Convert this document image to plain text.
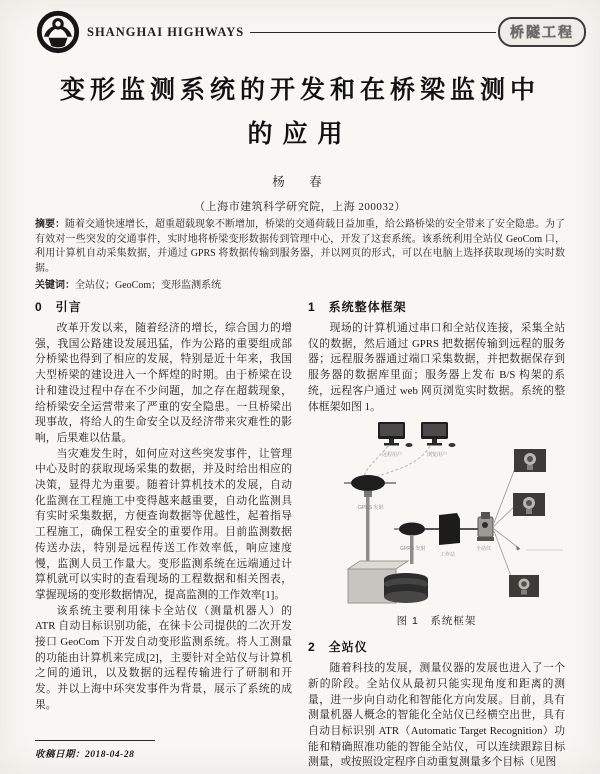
SHANGHAI HIGHWAYS	桥隧工程
变形监测系统的开发和在桥梁监测中
的应用
杨　春
（上海市建筑科学研究院，上海 200032）
摘要：随着交通快速增长，超重超载现象不断增加，桥梁的交通荷载日益加重，给公路桥梁的安全带来了安全隐患。为了有效对一些突发的交通事件，实时地将桥梁变形数据传到管理中心，开发了这套系统。该系统利用全站仪 GeoCom 口，利用计算机自动采集数据，并通过 GPRS 将数据传输到服务器，并以网页的形式，可以在电脑上选择获取现场的实时数据。
关键词：全站仪；GeoCom；变形监测系统
0　引言

改革开发以来，随着经济的增长，综合国力的增强，我国公路建设发展迅猛，作为公路的重要组成部分桥梁也得到了相应的发展，特别是近十年来，我国大型桥梁的建设进入一个辉煌的时期。由于桥梁在设计和建设过程中存在不少问题，加之存在超载现象，给桥梁安全运营带来了严重的安全隐患。一旦桥梁出现事故，将给人的生命安全以及经济带来灾难性的影响，后果难以估量。

当灾难发生时，如何应对这些突发事件，让管理中心及时的获取现场采集的数据，并及时给出相应的决策，显得尤为重要。随着计算机技术的发展，自动化监测在工程施工中变得越来越重要，自动化监测具有实时采集数据，方便查询数据等优越性，起着指导工程施工，确保工程安全的重要作用。目前监测数据传送办法，特别是远程传送工作效率低，响应速度慢，监测人员工作量大。变形监测系统在远端通过计算机就可以实时的查看现场的工程数据和相关图表，掌握现场的变形数据情况，提高监测的工作效率[1]。

该系统主要利用徕卡全站仪（测量机器人）的 ATR 自动目标识别功能，在徕卡公司提供的二次开发接口 GeoCom 下开发自动变形监测系统。将人工测量的功能由计算机来完成[2]，主要针对全站仪与计算机之间的通讯，以及数据的远程传输进行了研制和开发。并以上海中环突发事件为背景，展示了系统的成果。

1　系统整体框架

现场的计算机通过串口和全站仪连接，采集全站仪的数据，然后通过 GPRS 把数据传输到远程的服务器；远程服务器通过端口采集数据，并把数据保存到服务器的数据库里面；服务器上发布 B/S 构架的系统，远程客户通过 web 网页浏览实时数据。系统的整体框架如图 1。

远程用户	浏览用户
GPRS 发射
GPRS 发射
工作站
全站仪
图 1　系统框架
2　全站仪

随着科技的发展，测量仪器的发展也进入了一个新的阶段。全站仪从最初只能实现角度和距离的测量，进一步向自动化和智能化方向发展。目前，具有测量机器人概念的智能化全站仪已经横空出世，具有自动目标识别 ATR（Automatic Target Recognition）功能和精确照准功能的智能全站仪，可以连续跟踪目标测量，或按照设定程序自动重复测量多个目标（见图

收稿日期：2018-04-28
